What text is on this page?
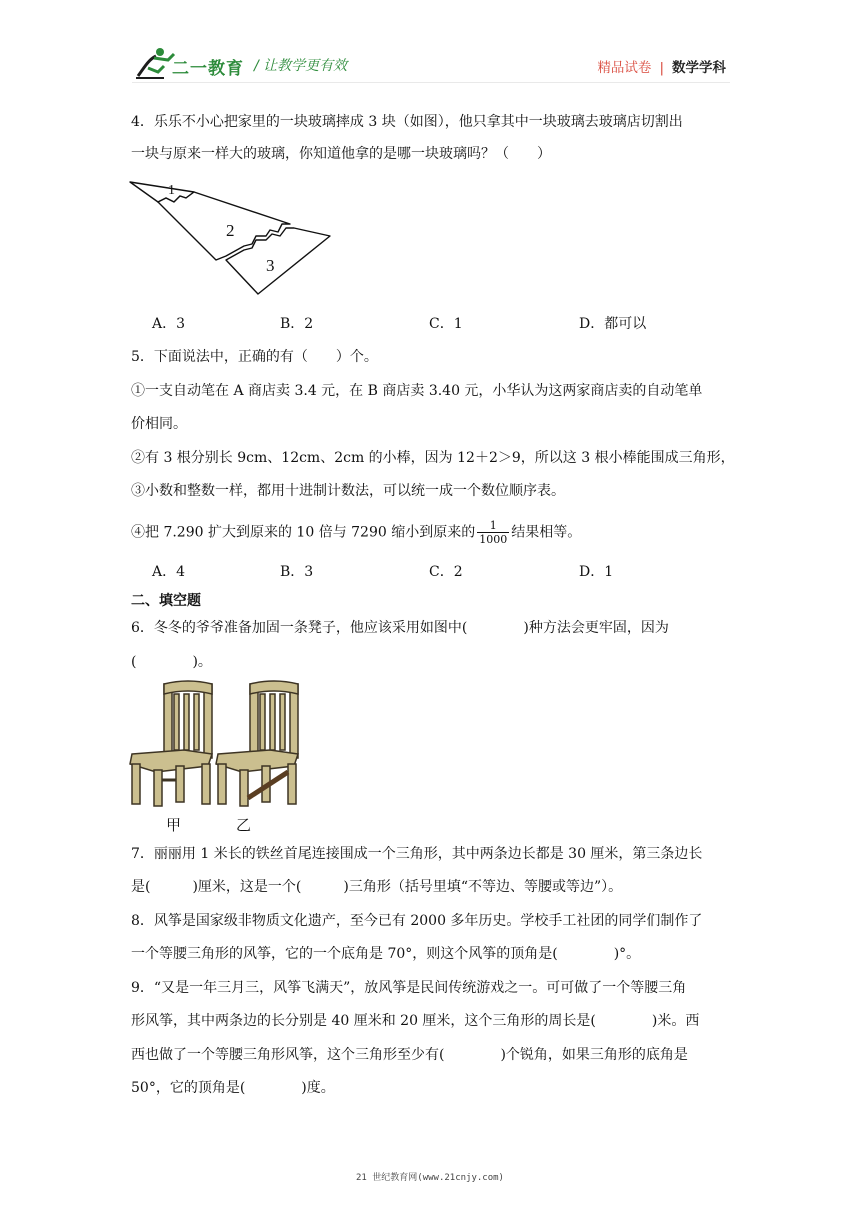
二一教育 / 让教学更有效	精品试卷 | 数学学科
4．乐乐不小心把家里的一块玻璃摔成 3 块（如图），他只拿其中一块玻璃去玻璃店切割出
一块与原来一样大的玻璃，你知道他拿的是哪一块玻璃吗？（　　）
1
2
3
A．3	B．2	C．1	D．都可以
5．下面说法中，正确的有（　　）个。
①一支自动笔在 A 商店卖 3.4 元，在 B 商店卖 3.40 元，小华认为这两家商店卖的自动笔单
价相同。
②有 3 根分别长 9cm、12cm、2cm 的小棒，因为 12＋2＞9，所以这 3 根小棒能围成三角形，
③小数和整数一样，都用十进制计数法，可以统一成一个数位顺序表。
④把 7.290 扩大到原来的 10 倍与 7290 缩小到原来的 $\frac{1}{1000}$ 结果相等。
A．4	B．3	C．2	D．1
二、填空题
6．冬冬的爷爷准备加固一条凳子，他应该采用如图中(　　　　)种方法会更牢固，因为
(　　　　)。
甲	乙
7．丽丽用 1 米长的铁丝首尾连接围成一个三角形，其中两条边长都是 30 厘米，第三条边长
是(　　　)厘米，这是一个(　　　)三角形（括号里填“不等边、等腰或等边”）。
8．风筝是国家级非物质文化遗产，至今已有 2000 多年历史。学校手工社团的同学们制作了
一个等腰三角形的风筝，它的一个底角是 70°，则这个风筝的顶角是(　　　　)°。
9．“又是一年三月三，风筝飞满天”，放风筝是民间传统游戏之一。可可做了一个等腰三角
形风筝，其中两条边的长分别是 40 厘米和 20 厘米，这个三角形的周长是(　　　　)米。西
西也做了一个等腰三角形风筝，这个三角形至少有(　　　　)个锐角，如果三角形的底角是
50°，它的顶角是(　　　　)度。
21 世纪教育网(www.21cnjy.com)
